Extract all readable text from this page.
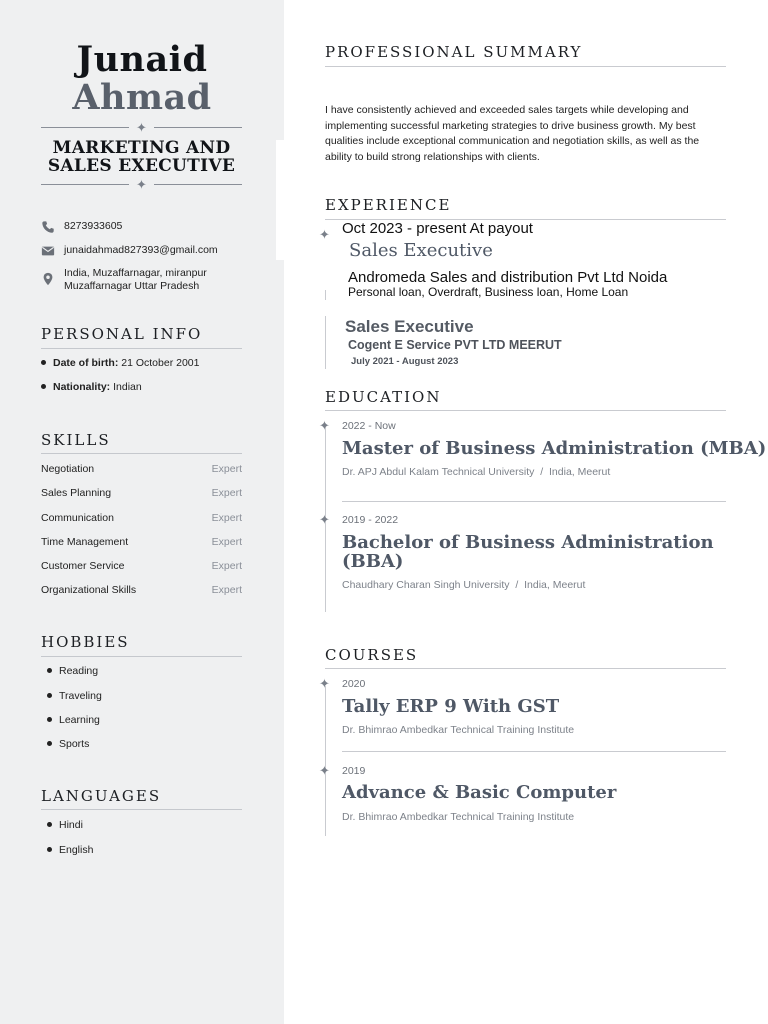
Junaid
Ahmad
✦
MARKETING AND
SALES EXECUTIVE
✦
8273933605
junaidahmad827393@gmail.com
India, Muzaffarnagar, miranpur Muzaffarnagar Uttar Pradesh
PERSONAL INFO
Date of birth: 21 October 2001
Nationality: Indian
SKILLS
Negotiation	Expert
Sales Planning	Expert
Communication	Expert
Time Management	Expert
Customer Service	Expert
Organizational Skills	Expert
HOBBIES
Reading
Traveling
Learning
Sports
LANGUAGES
Hindi
English
PROFESSIONAL SUMMARY
I have consistently achieved and exceeded sales targets while developing and implementing successful marketing strategies to drive business growth. My best qualities include exceptional communication and negotiation skills, as well as the ability to build strong relationships with clients.
EXPERIENCE
✦ Oct 2023 - present At payout
Sales Executive
Andromeda Sales and distribution Pvt Ltd Noida
Personal loan, Overdraft, Business loan, Home Loan
Sales Executive
Cogent E Service PVT LTD MEERUT
July 2021 - August 2023
EDUCATION
✦ 2022 - Now
Master of Business Administration (MBA)
Dr. APJ Abdul Kalam Technical University / India, Meerut
✦ 2019 - 2022
Bachelor of Business Administration
(BBA)
Chaudhary Charan Singh University / India, Meerut
COURSES
✦ 2020
Tally ERP 9 With GST
Dr. Bhimrao Ambedkar Technical Training Institute
✦ 2019
Advance & Basic Computer
Dr. Bhimrao Ambedkar Technical Training Institute
